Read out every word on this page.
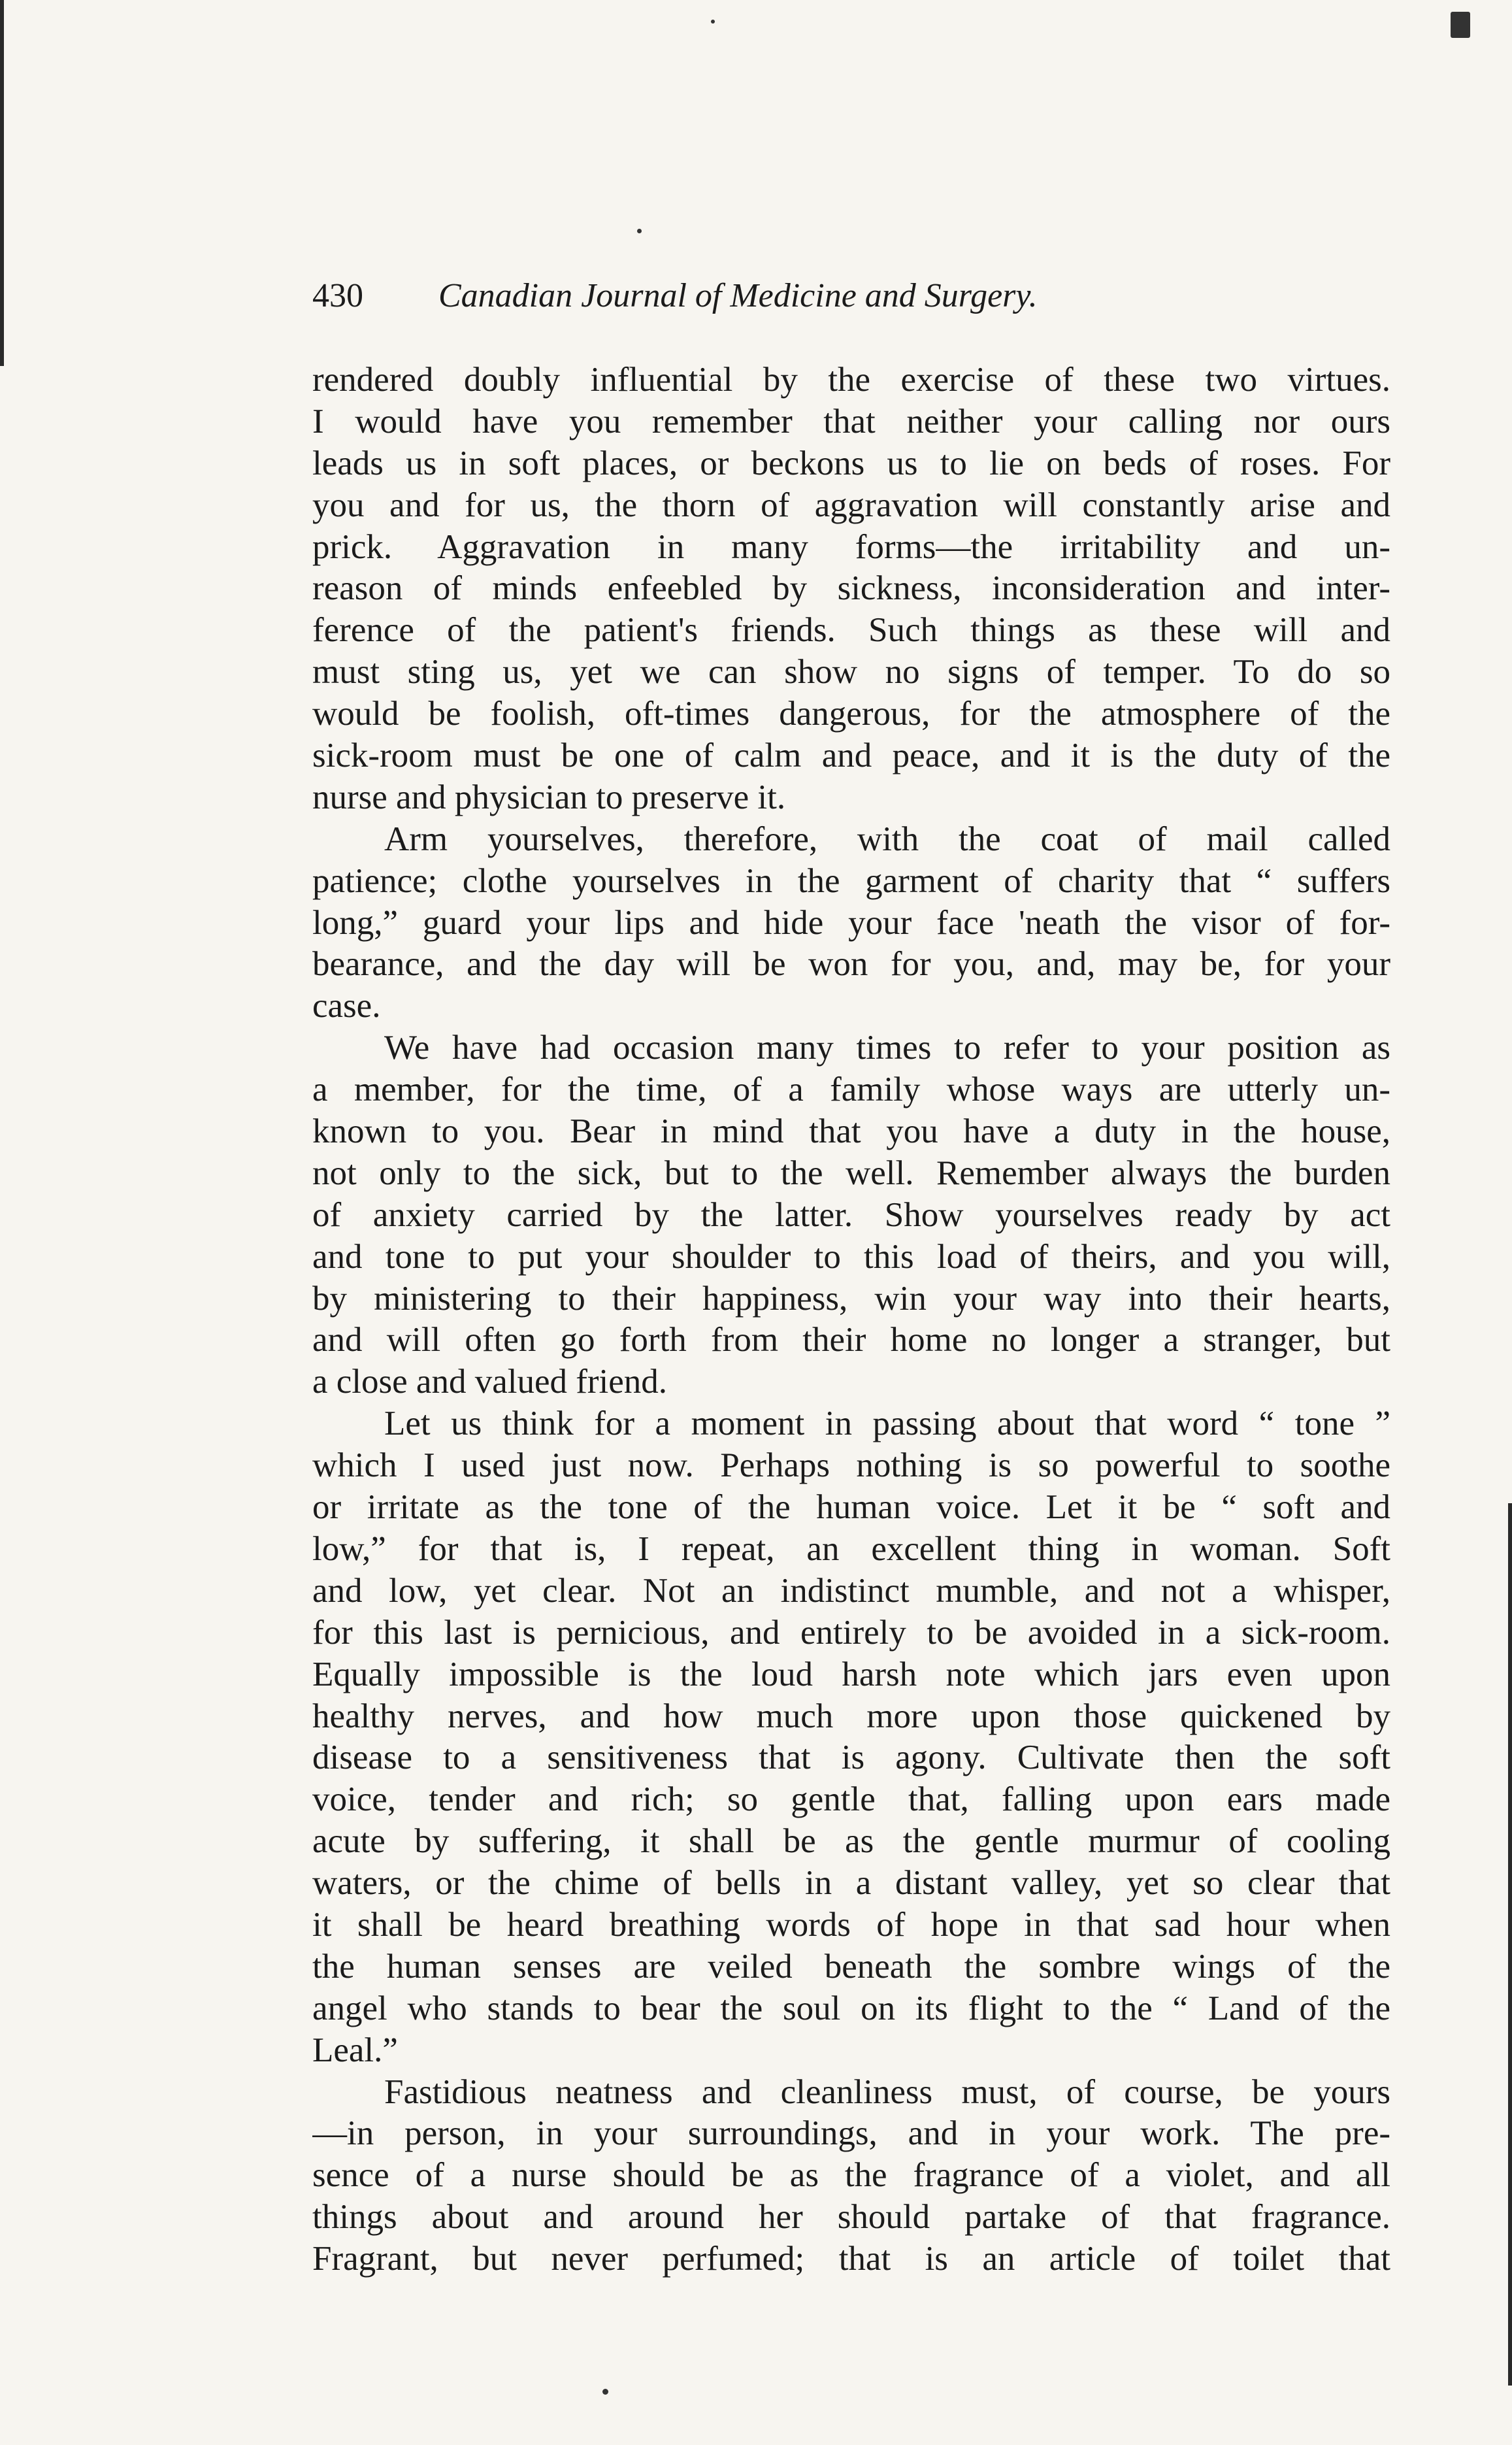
430 Canadian Journal of Medicine and Surgery.
rendered doubly influential by the exercise of these two virtues.
I would have you remember that neither your calling nor ours
leads us in soft places, or beckons us to lie on beds of roses. For
you and for us, the thorn of aggravation will constantly arise and
prick. Aggravation in many forms—the irritability and un-
reason of minds enfeebled by sickness, inconsideration and inter-
ference of the patient's friends. Such things as these will and
must sting us, yet we can show no signs of temper. To do so
would be foolish, oft-times dangerous, for the atmosphere of the
sick-room must be one of calm and peace, and it is the duty of the
nurse and physician to preserve it.
Arm yourselves, therefore, with the coat of mail called
patience; clothe yourselves in the garment of charity that “ suffers
long,” guard your lips and hide your face 'neath the visor of for-
bearance, and the day will be won for you, and, may be, for your
case.
We have had occasion many times to refer to your position as
a member, for the time, of a family whose ways are utterly un-
known to you. Bear in mind that you have a duty in the house,
not only to the sick, but to the well. Remember always the burden
of anxiety carried by the latter. Show yourselves ready by act
and tone to put your shoulder to this load of theirs, and you will,
by ministering to their happiness, win your way into their hearts,
and will often go forth from their home no longer a stranger, but
a close and valued friend.
Let us think for a moment in passing about that word “ tone ”
which I used just now. Perhaps nothing is so powerful to soothe
or irritate as the tone of the human voice. Let it be “ soft and
low,” for that is, I repeat, an excellent thing in woman. Soft
and low, yet clear. Not an indistinct mumble, and not a whisper,
for this last is pernicious, and entirely to be avoided in a sick-room.
Equally impossible is the loud harsh note which jars even upon
healthy nerves, and how much more upon those quickened by
disease to a sensitiveness that is agony. Cultivate then the soft
voice, tender and rich; so gentle that, falling upon ears made
acute by suffering, it shall be as the gentle murmur of cooling
waters, or the chime of bells in a distant valley, yet so clear that
it shall be heard breathing words of hope in that sad hour when
the human senses are veiled beneath the sombre wings of the
angel who stands to bear the soul on its flight to the “ Land of the
Leal.”
Fastidious neatness and cleanliness must, of course, be yours
—in person, in your surroundings, and in your work. The pre-
sence of a nurse should be as the fragrance of a violet, and all
things about and around her should partake of that fragrance.
Fragrant, but never perfumed; that is an article of toilet that
